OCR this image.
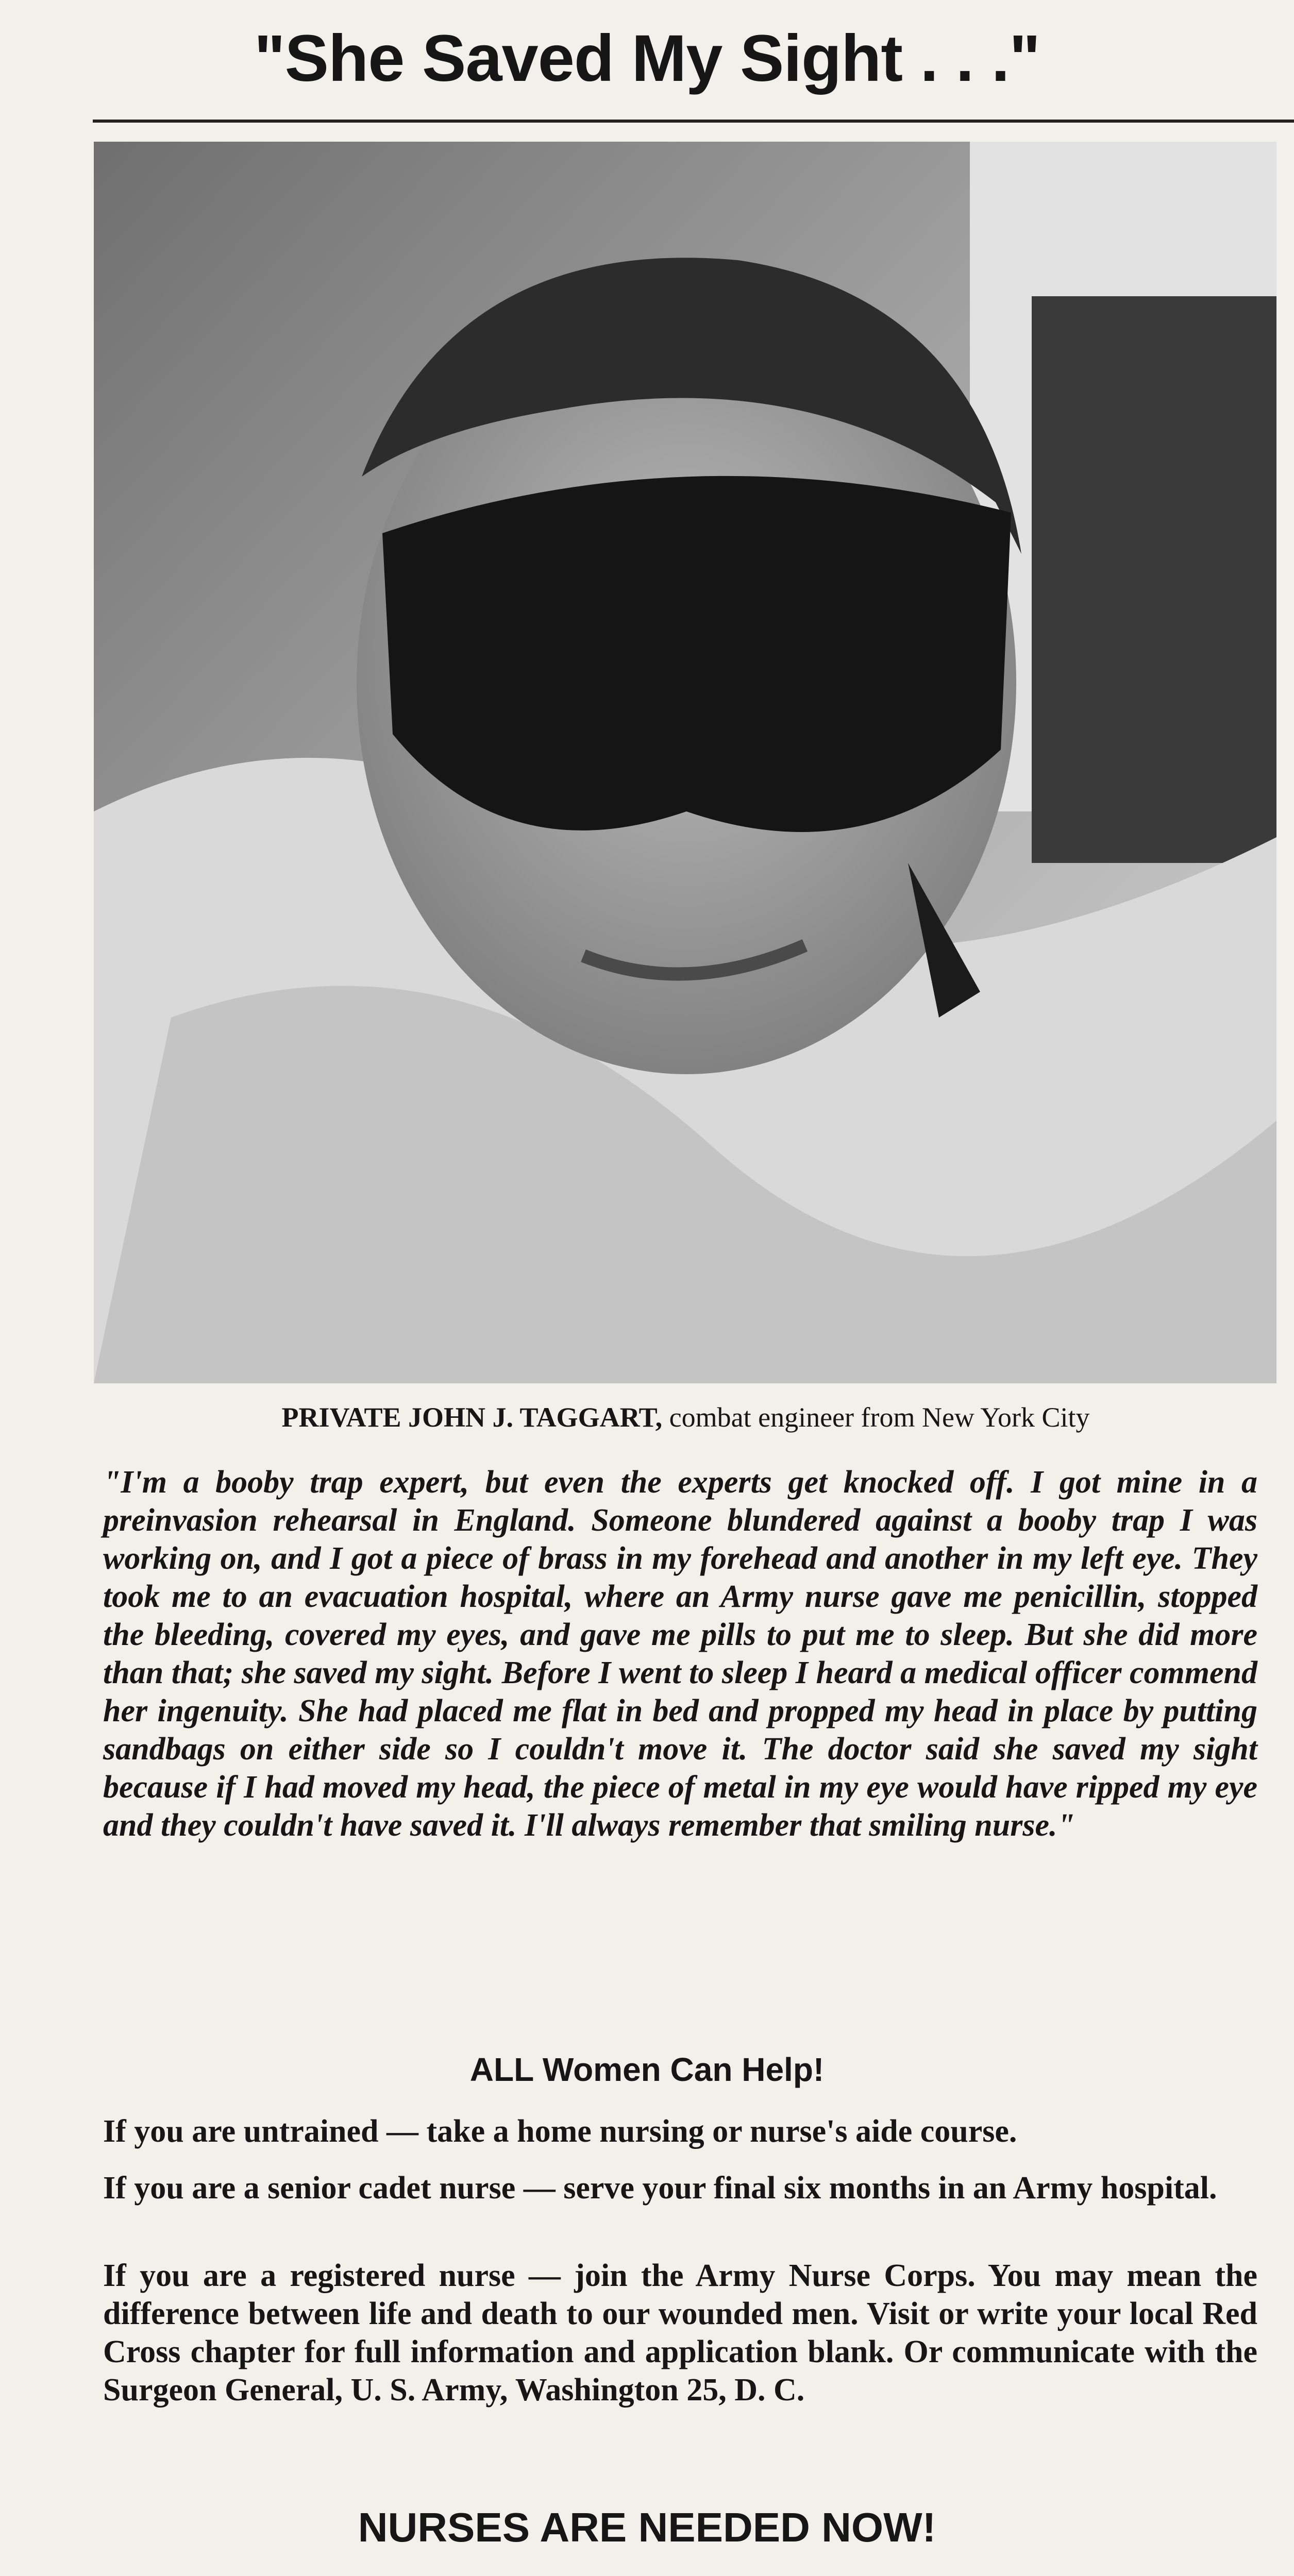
"She Saved My Sight . . ."
PRIVATE JOHN J. TAGGART, combat engineer from New York City
"I'm a booby trap expert, but even the experts get knocked off. I got mine in a preinvasion rehearsal in England. Someone blundered against a booby trap I was working on, and I got a piece of brass in my forehead and another in my left eye. They took me to an evacuation hospital, where an Army nurse gave me penicillin, stopped the bleeding, covered my eyes, and gave me pills to put me to sleep. But she did more than that; she saved my sight. Before I went to sleep I heard a medical officer commend her ingenuity. She had placed me flat in bed and propped my head in place by putting sandbags on either side so I couldn't move it. The doctor said she saved my sight because if I had moved my head, the piece of metal in my eye would have ripped my eye and they couldn't have saved it. I'll always remember that smiling nurse."
ALL Women Can Help!
If you are untrained — take a home nursing or nurse's aide course.
If you are a senior cadet nurse — serve your final six months in an Army hospital.
If you are a registered nurse — join the Army Nurse Corps. You may mean the difference between life and death to our wounded men. Visit or write your local Red Cross chapter for full information and application blank. Or communicate with the Surgeon General, U. S. Army, Washington 25, D. C.
NURSES ARE NEEDED NOW!
